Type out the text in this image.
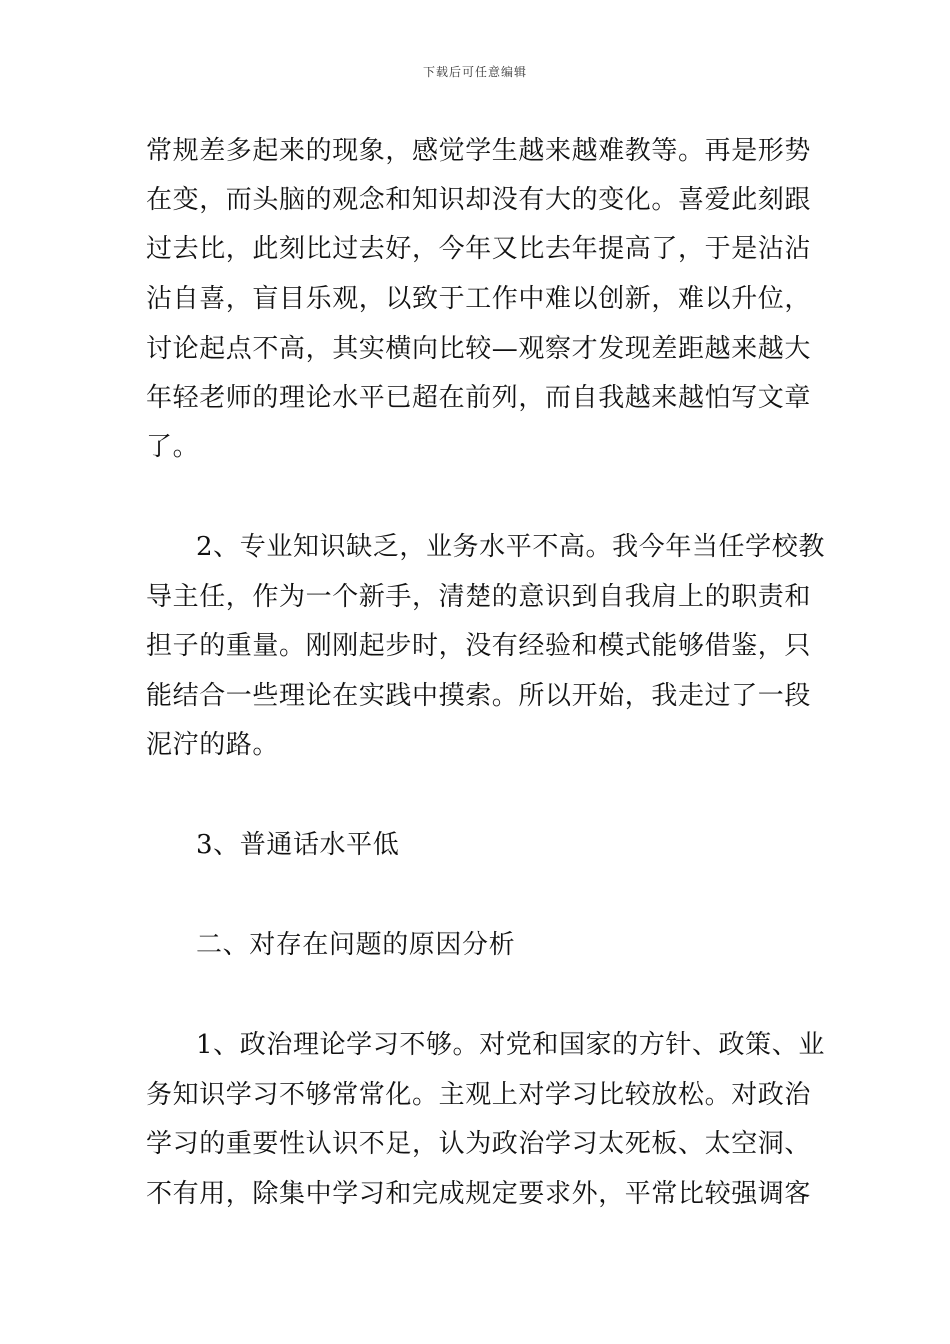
下载后可任意编辑
常规差多起来的现象，感觉学生越来越难教等。再是形势
在变，而头脑的观念和知识却没有大的变化。喜爱此刻跟
过去比，此刻比过去好，今年又比去年提高了，于是沾沾
沾自喜，盲目乐观，以致于工作中难以创新，难以升位，
讨论起点不高，其实横向比较—观察才发现差距越来越大
年轻老师的理论水平已超在前列，而自我越来越怕写文章
了。
2、专业知识缺乏，业务水平不高。我今年当任学校教
导主任，作为一个新手，清楚的意识到自我肩上的职责和
担子的重量。刚刚起步时，没有经验和模式能够借鉴，只
能结合一些理论在实践中摸索。所以开始，我走过了一段
泥泞的路。
3、普通话水平低
二、对存在问题的原因分析
1、政治理论学习不够。对党和国家的方针、政策、业
务知识学习不够常常化。主观上对学习比较放松。对政治
学习的重要性认识不足，认为政治学习太死板、太空洞、
不有用，除集中学习和完成规定要求外，平常比较强调客
